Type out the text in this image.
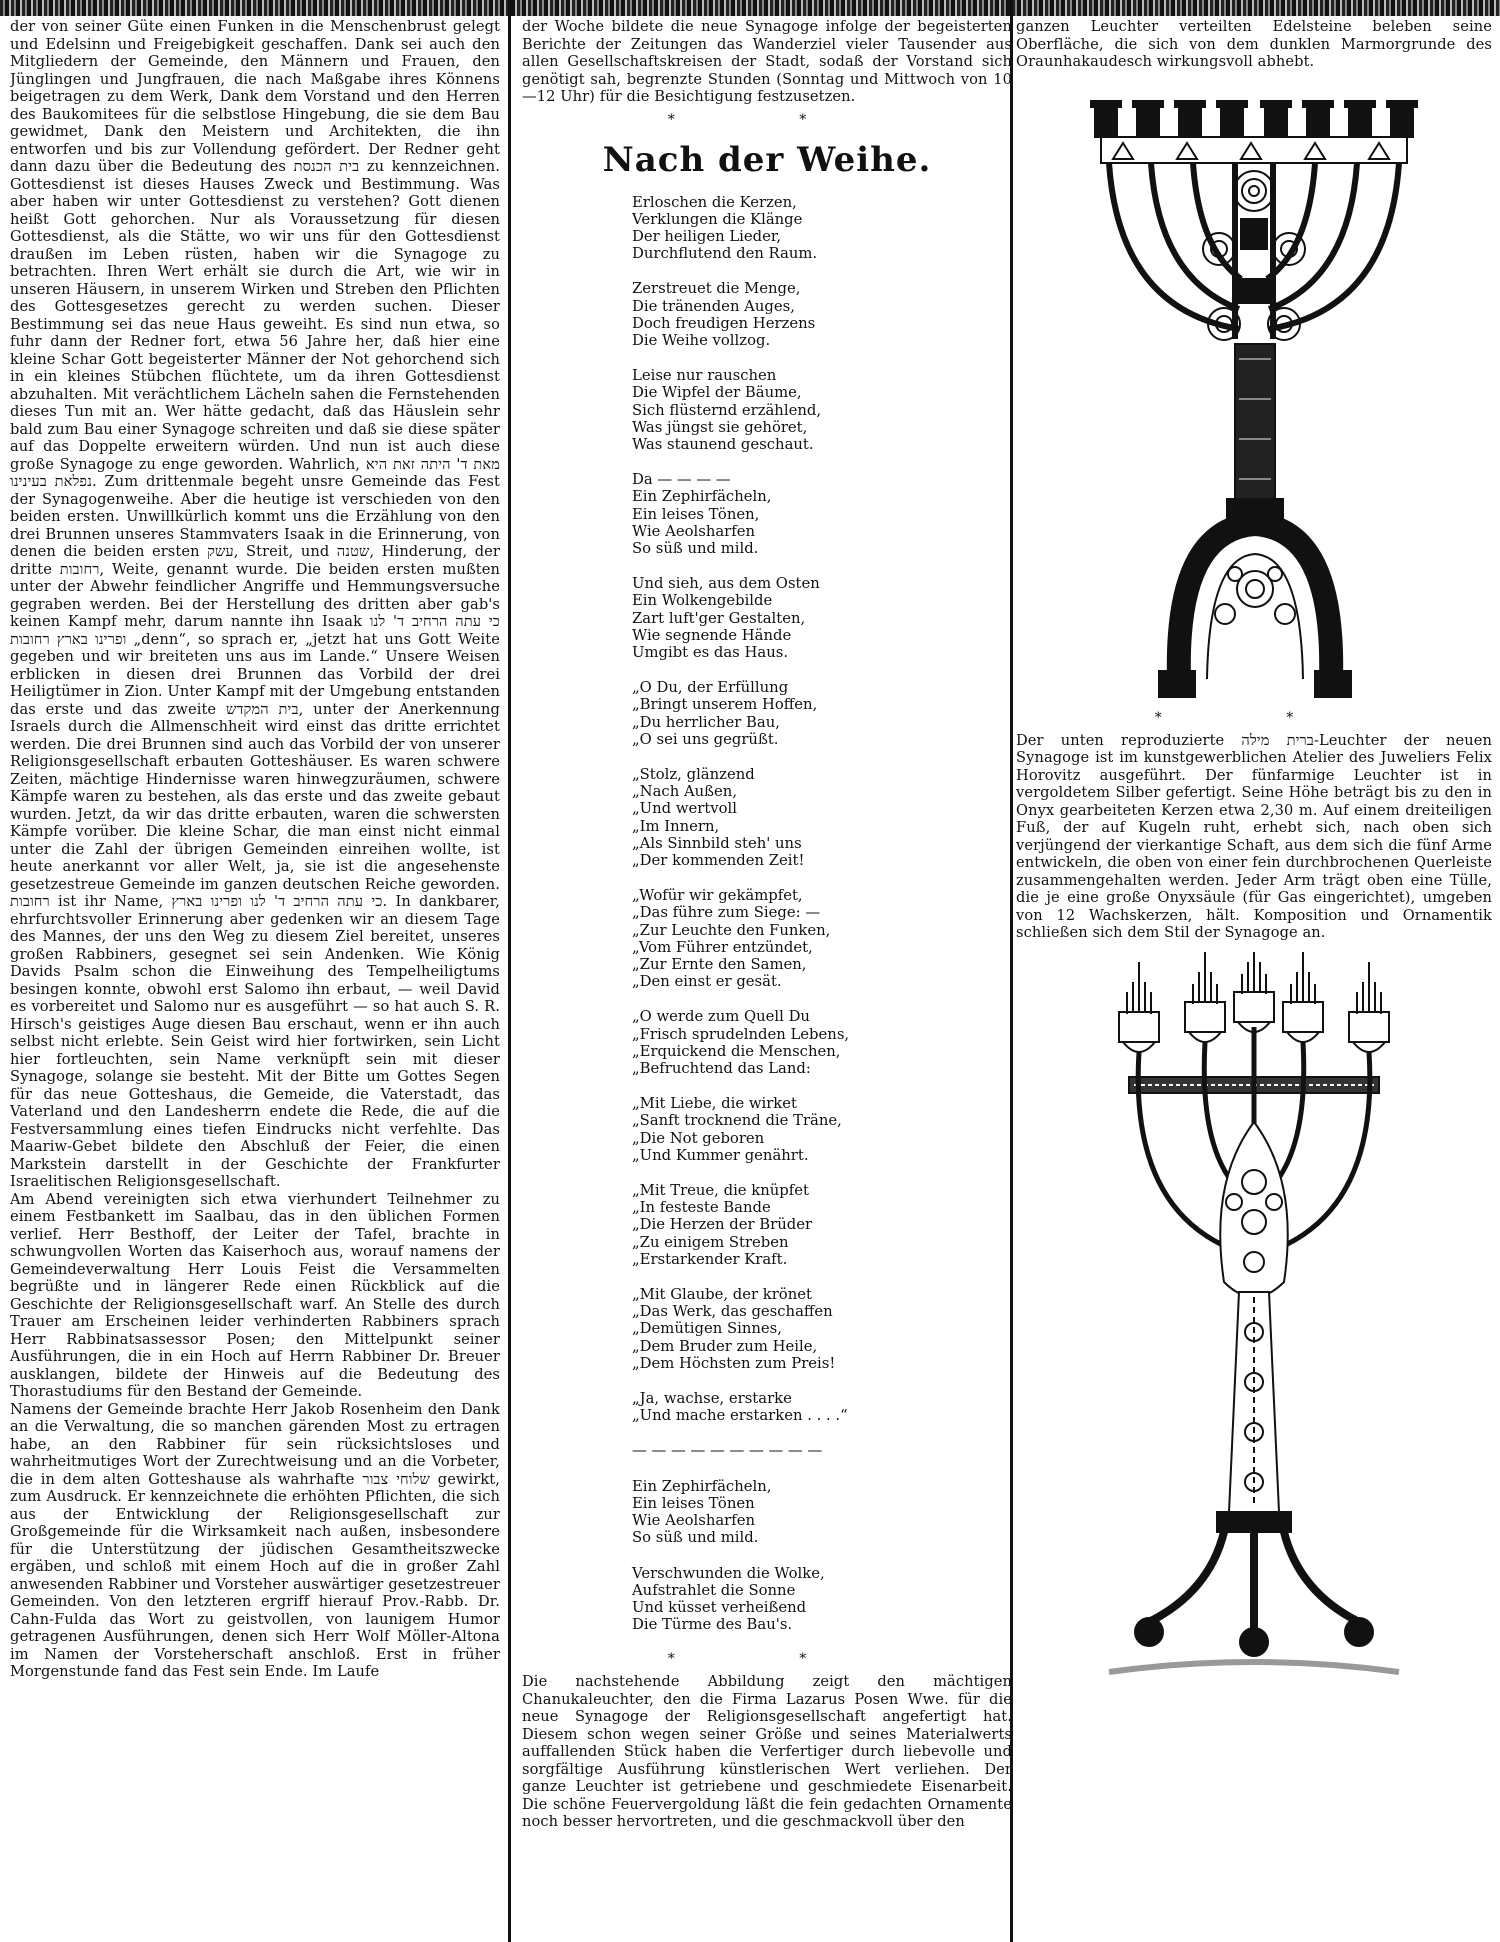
der von seiner Güte einen Funken in die Menschenbrust gelegt und Edelsinn und Freigebigkeit geschaffen. Dank sei auch den Mitgliedern der Gemeinde, den Männern und Frauen, den Jünglingen und Jungfrauen, die nach Maßgabe ihres Könnens beigetragen zu dem Werk, Dank dem Vorstand und den Herren des Baukomitees für die selbstlose Hingebung, die sie dem Bau gewidmet, Dank den Meistern und Architekten, die ihn entworfen und bis zur Vollendung gefördert. Der Redner geht dann dazu über die Bedeutung des בית הכנסת zu kennzeichnen. Gottesdienst ist dieses Hauses Zweck und Bestimmung. Was aber haben wir unter Gottesdienst zu verstehen? Gott dienen heißt Gott gehorchen. Nur als Voraussetzung für diesen Gottesdienst, als die Stätte, wo wir uns für den Gottesdienst draußen im Leben rüsten, haben wir die Synagoge zu betrachten. Ihren Wert erhält sie durch die Art, wie wir in unseren Häusern, in unserem Wirken und Streben den Pflichten des Gottesgesetzes gerecht zu werden suchen. Dieser Bestimmung sei das neue Haus geweiht. Es sind nun etwa, so fuhr dann der Redner fort, etwa 56 Jahre her, daß hier eine kleine Schar Gott begeisterter Männer der Not gehorchend sich in ein kleines Stübchen flüchtete, um da ihren Gottesdienst abzuhalten. Mit verächtlichem Lächeln sahen die Fernstehenden dieses Tun mit an. Wer hätte gedacht, daß das Häuslein sehr bald zum Bau einer Synagoge schreiten und daß sie diese später auf das Doppelte erweitern würden. Und nun ist auch diese große Synagoge zu enge geworden. Wahrlich, מאת ד' היתה זאת היא נפלאת בעינינו. Zum drittenmale begeht unsre Gemeinde das Fest der Synagogenweihe. Aber die heutige ist verschieden von den beiden ersten. Unwillkürlich kommt uns die Erzählung von den drei Brunnen unseres Stammvaters Isaak in die Erinnerung, von denen die beiden ersten עשק, Streit, und שטנה, Hinderung, der dritte רחובות, Weite, genannt wurde. Die beiden ersten mußten unter der Abwehr feindlicher Angriffe und Hemmungsversuche gegraben werden. Bei der Herstellung des dritten aber gab's keinen Kampf mehr, darum nannte ihn Isaak כי עתה הרחיב ד' לנו ופרינו בארץ רחובות „denn“, so sprach er, „jetzt hat uns Gott Weite gegeben und wir breiteten uns aus im Lande.“ Unsere Weisen erblicken in diesen drei Brunnen das Vorbild der drei Heiligtümer in Zion. Unter Kampf mit der Umgebung entstanden das erste und das zweite בית המקדש, unter der Anerkennung Israels durch die Allmenschheit wird einst das dritte errichtet werden. Die drei Brunnen sind auch das Vorbild der von unserer Religionsgesellschaft erbauten Gotteshäuser. Es waren schwere Zeiten, mächtige Hindernisse waren hinwegzuräumen, schwere Kämpfe waren zu bestehen, als das erste und das zweite gebaut wurden. Jetzt, da wir das dritte erbauten, waren die schwersten Kämpfe vorüber. Die kleine Schar, die man einst nicht einmal unter die Zahl der übrigen Gemeinden einreihen wollte, ist heute anerkannt vor aller Welt, ja, sie ist die angesehenste gesetzestreue Gemeinde im ganzen deutschen Reiche geworden. רחובות ist ihr Name, כי עתה הרחיב ד' לנו ופרינו בארץ. In dankbarer, ehrfurchtsvoller Erinnerung aber gedenken wir an diesem Tage des Mannes, der uns den Weg zu diesem Ziel bereitet, unseres großen Rabbiners, gesegnet sei sein Andenken. Wie König Davids Psalm schon die Einweihung des Tempelheiligtums besingen konnte, obwohl erst Salomo ihn erbaut, — weil David es vorbereitet und Salomo nur es ausgeführt — so hat auch S. R. Hirsch's geistiges Auge diesen Bau erschaut, wenn er ihn auch selbst nicht erlebte. Sein Geist wird hier fortwirken, sein Licht hier fortleuchten, sein Name verknüpft sein mit dieser Synagoge, solange sie besteht. Mit der Bitte um Gottes Segen für das neue Gotteshaus, die Gemeide, die Vaterstadt, das Vaterland und den Landesherrn endete die Rede, die auf die Festversammlung eines tiefen Eindrucks nicht verfehlte. Das Maariw-Gebet bildete den Abschluß der Feier, die einen Markstein darstellt in der Geschichte der Frankfurter Israelitischen Religionsgesellschaft.
Am Abend vereinigten sich etwa vierhundert Teilnehmer zu einem Festbankett im Saalbau, das in den üblichen Formen verlief. Herr Besthoff, der Leiter der Tafel, brachte in schwungvollen Worten das Kaiserhoch aus, worauf namens der Gemeindeverwaltung Herr Louis Feist die Versammelten begrüßte und in längerer Rede einen Rückblick auf die Geschichte der Religionsgesellschaft warf. An Stelle des durch Trauer am Erscheinen leider verhinderten Rabbiners sprach Herr Rabbinatsassessor Posen; den Mittelpunkt seiner Ausführungen, die in ein Hoch auf Herrn Rabbiner Dr. Breuer ausklangen, bildete der Hinweis auf die Bedeutung des Thorastudiums für den Bestand der Gemeinde.
Namens der Gemeinde brachte Herr Jakob Rosenheim den Dank an die Verwaltung, die so manchen gärenden Most zu ertragen habe, an den Rabbiner für sein rücksichtsloses und wahrheitmutiges Wort der Zurechtweisung und an die Vorbeter, die in dem alten Gotteshause als wahrhafte שלוחי צבור gewirkt, zum Ausdruck. Er kennzeichnete die erhöhten Pflichten, die sich aus der Entwicklung der Religionsgesellschaft zur Großgemeinde für die Wirksamkeit nach außen, insbesondere für die Unterstützung der jüdischen Gesamtheitszwecke ergäben, und schloß mit einem Hoch auf die in großer Zahl anwesenden Rabbiner und Vorsteher auswärtiger gesetzestreuer Gemeinden. Von den letzteren ergriff hierauf Prov.-Rabb. Dr. Cahn-Fulda das Wort zu geistvollen, von launigem Humor getragenen Ausführungen, denen sich Herr Wolf Möller-Altona im Namen der Vorsteherschaft anschloß. Erst in früher Morgenstunde fand das Fest sein Ende. Im Laufe

der Woche bildete die neue Synagoge infolge der begeisterten Berichte der Zeitungen das Wanderziel vieler Tausender aus allen Gesellschaftskreisen der Stadt, sodaß der Vorstand sich genötigt sah, begrenzte Stunden (Sonntag und Mittwoch von 10—12 Uhr) für die Besichtigung festzusetzen.

* *
Nach der Weihe.
Erloschen die Kerzen,
Verklungen die Klänge
Der heiligen Lieder,
Durchflutend den Raum.
Zerstreuet die Menge,
Die tränenden Auges,
Doch freudigen Herzens
Die Weihe vollzog.
Leise nur rauschen
Die Wipfel der Bäume,
Sich flüsternd erzählend,
Was jüngst sie gehöret,
Was staunend geschaut.
Da — — — —
Ein Zephirfächeln,
Ein leises Tönen,
Wie Aeolsharfen
So süß und mild.
Und sieh, aus dem Osten
Ein Wolkengebilde
Zart luft'ger Gestalten,
Wie segnende Hände
Umgibt es das Haus.
„O Du, der Erfüllung
„Bringt unserem Hoffen,
„Du herrlicher Bau,
„O sei uns gegrüßt.
„Stolz, glänzend
„Nach Außen,
„Und wertvoll
„Im Innern,
„Als Sinnbild steh' uns
„Der kommenden Zeit!
„Wofür wir gekämpfet,
„Das führe zum Siege: —
„Zur Leuchte den Funken,
„Vom Führer entzündet,
„Zur Ernte den Samen,
„Den einst er gesät.
„O werde zum Quell Du
„Frisch sprudelnden Lebens,
„Erquickend die Menschen,
„Befruchtend das Land:
„Mit Liebe, die wirket
„Sanft trocknend die Träne,
„Die Not geboren
„Und Kummer genährt.
„Mit Treue, die knüpfet
„In festeste Bande
„Die Herzen der Brüder
„Zu einigem Streben
„Erstarkender Kraft.
„Mit Glaube, der krönet
„Das Werk, das geschaffen
„Demütigen Sinnes,
„Dem Bruder zum Heile,
„Dem Höchsten zum Preis!
„Ja, wachse, erstarke
„Und mache erstarken . . . .“
— — — — — — — — — —
Ein Zephirfächeln,
Ein leises Tönen
Wie Aeolsharfen
So süß und mild.
Verschwunden die Wolke,
Aufstrahlet die Sonne
Und küsset verheißend
Die Türme des Bau's.
* *

Die nachstehende Abbildung zeigt den mächtigen Chanukaleuchter, den die Firma Lazarus Posen Wwe. für die neue Synagoge der Religionsgesellschaft angefertigt hat. Diesem schon wegen seiner Größe und seines Materialwerts auffallenden Stück haben die Verfertiger durch liebevolle und sorgfältige Ausführung künstlerischen Wert verliehen. Der ganze Leuchter ist getriebene und geschmiedete Eisenarbeit. Die schöne Feuervergoldung läßt die fein gedachten Ornamente noch besser hervortreten, und die geschmackvoll über den

ganzen Leuchter verteilten Edelsteine beleben seine Oberfläche, die sich von dem dunklen Marmorgrunde des Oraunhakaudesch wirkungsvoll abhebt.

* *

Der unten reproduzierte ברית מילה-Leuchter der neuen Synagoge ist im kunstgewerblichen Atelier des Juweliers Felix Horovitz ausgeführt. Der fünfarmige Leuchter ist in vergoldetem Silber gefertigt. Seine Höhe beträgt bis zu den in Onyx gearbeiteten Kerzen etwa 2,30 m. Auf einem dreiteiligen Fuß, der auf Kugeln ruht, erhebt sich, nach oben sich verjüngend der vierkantige Schaft, aus dem sich die fünf Arme entwickeln, die oben von einer fein durchbrochenen Querleiste zusammengehalten werden. Jeder Arm trägt oben eine Tülle, die je eine große Onyxsäule (für Gas eingerichtet), umgeben von 12 Wachskerzen, hält. Komposition und Ornamentik schließen sich dem Stil der Synagoge an.
